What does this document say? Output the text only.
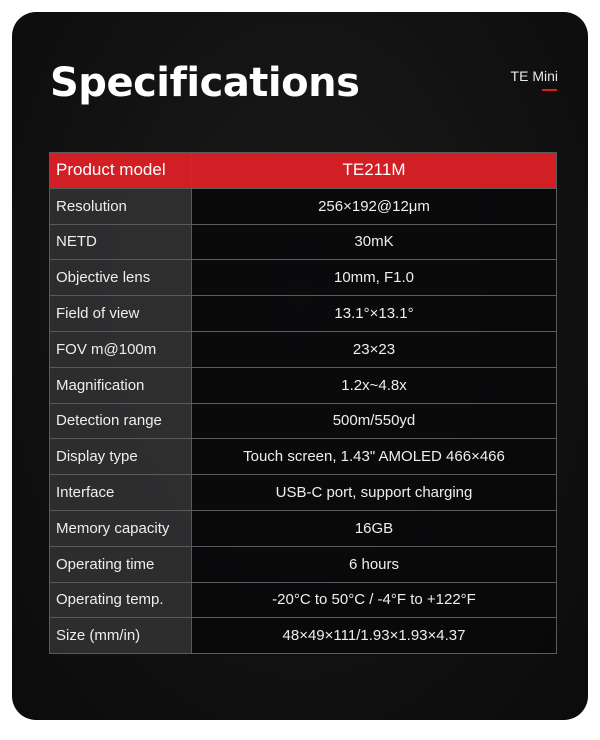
Specifications	TE Mini
Product model	TE211M
Resolution	256×192@12μm
NETD	30mK
Objective lens	10mm, F1.0
Field of view	13.1°×13.1°
FOV m@100m	23×23
Magnification	1.2x~4.8x
Detection range	500m/550yd
Display type	Touch screen, 1.43" AMOLED 466×466
Interface	USB-C port, support charging
Memory capacity	16GB
Operating time	6 hours
Operating temp.	-20°C to 50°C / -4°F to +122°F
Size (mm/in)	48×49×111/1.93×1.93×4.37
